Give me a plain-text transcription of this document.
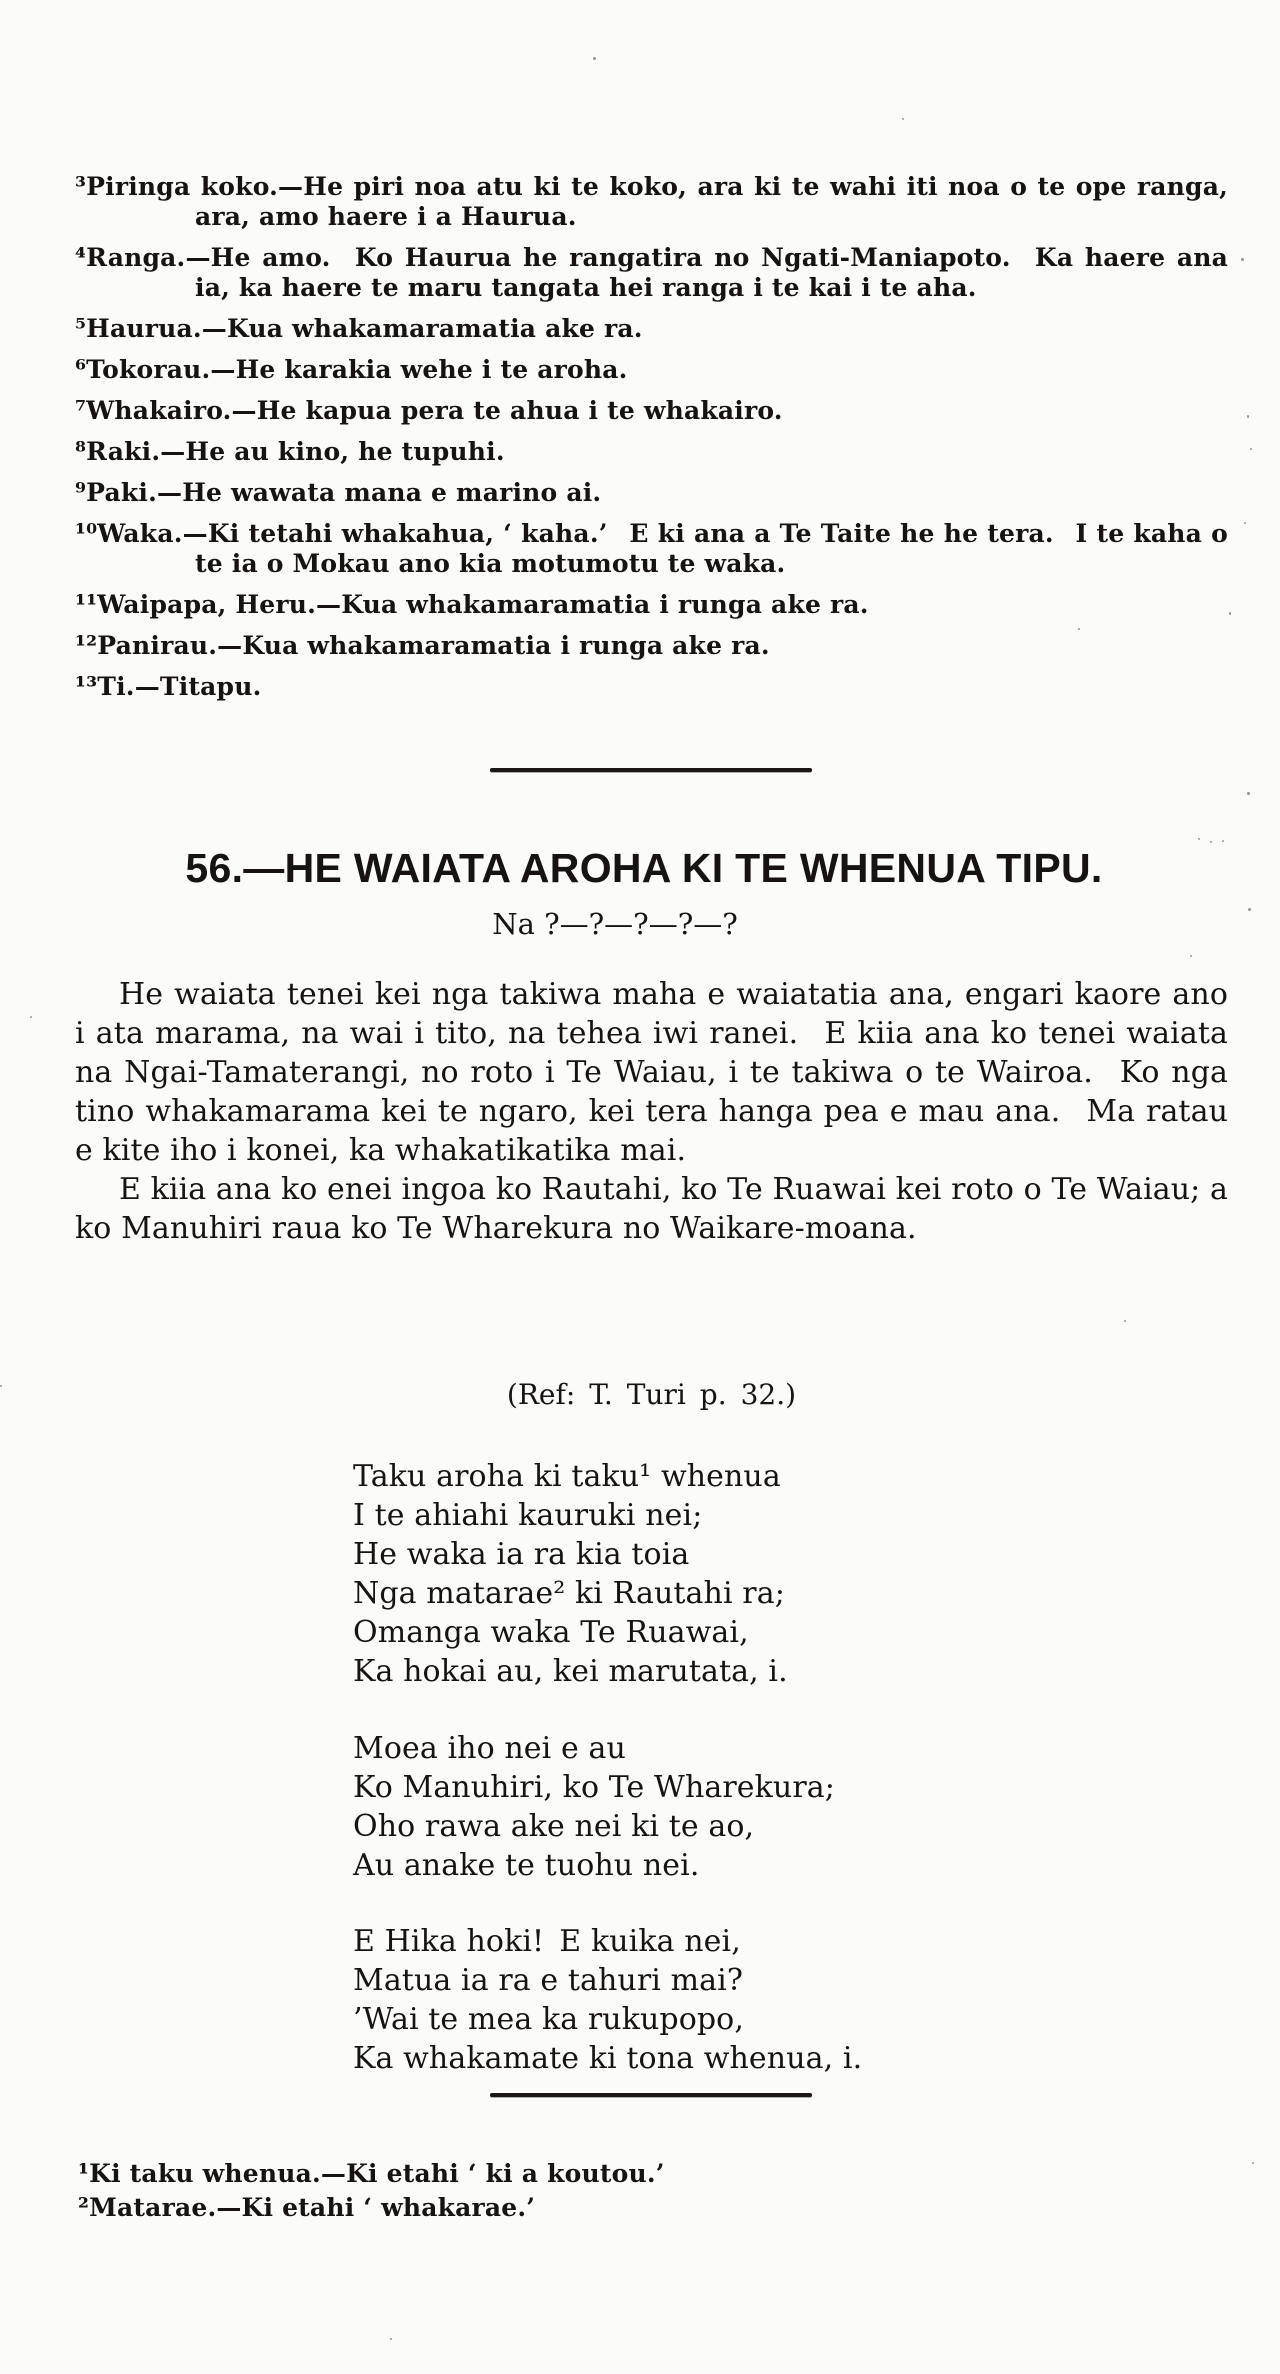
³Piringa koko.—He piri noa atu ki te koko, ara ki te wahi iti noa o te ope ranga, ara, amo haere i a Haurua.
⁴Ranga.—He amo.  Ko Haurua he rangatira no Ngati-Maniapoto.  Ka haere ana ia, ka haere te maru tangata hei ranga i te kai i te aha.
⁵Haurua.—Kua whakamaramatia ake ra.
⁶Tokorau.—He karakia wehe i te aroha.
⁷Whakairo.—He kapua pera te ahua i te whakairo.
⁸Raki.—He au kino, he tupuhi.
⁹Paki.—He wawata mana e marino ai.
¹⁰Waka.—Ki tetahi whakahua, ‘ kaha.’  E ki ana a Te Taite he he tera.  I te kaha o te ia o Mokau ano kia motumotu te waka.
¹¹Waipapa, Heru.—Kua whakamaramatia i runga ake ra.
¹²Panirau.—Kua whakamaramatia i runga ake ra.
¹³Ti.—Titapu.
56.—HE WAIATA AROHA KI TE WHENUA TIPU.
Na ?—?—?—?—?

He waiata tenei kei nga takiwa maha e waiatatia ana, engari kaore ano i ata marama, na wai i tito, na tehea iwi ranei.  E kiia ana ko tenei waiata na Ngai-Tamaterangi, no roto i Te Waiau, i te takiwa o te Wairoa.  Ko nga tino whakamarama kei te ngaro, kei tera hanga pea e mau ana.  Ma ratau e kite iho i konei, ka whakatikatika mai.

E kiia ana ko enei ingoa ko Rautahi, ko Te Ruawai kei roto o Te Waiau; a ko Manuhiri raua ko Te Wharekura no Waikare-moana.

(Ref: T. Turi p. 32.)
Taku aroha ki taku¹ whenua
I te ahiahi kauruki nei;
He waka ia ra kia toia
Nga matarae² ki Rautahi ra;
Omanga waka Te Ruawai,
Ka hokai au, kei marutata, i.
Moea iho nei e au
Ko Manuhiri, ko Te Wharekura;
Oho rawa ake nei ki te ao,
Au anake te tuohu nei.
E Hika hoki! E kuika nei,
Matua ia ra e tahuri mai?
’Wai te mea ka rukupopo,
Ka whakamate ki tona whenua, i.
¹Ki taku whenua.—Ki etahi ‘ ki a koutou.’
²Matarae.—Ki etahi ‘ whakarae.’
